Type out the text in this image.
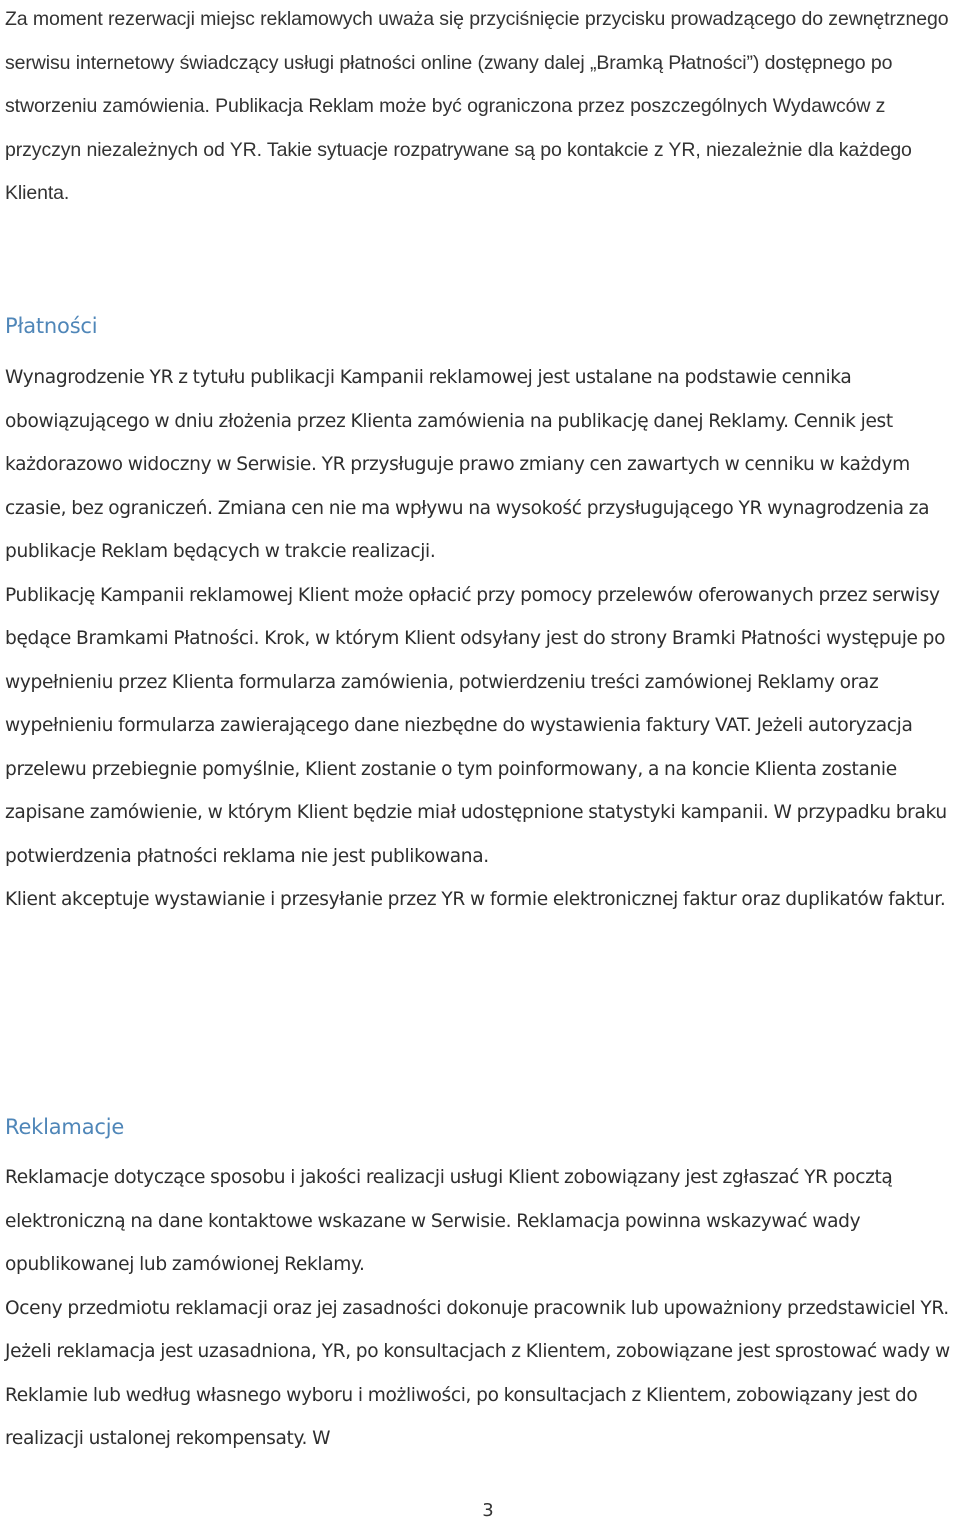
Za moment rezerwacji miejsc reklamowych uważa się przyciśnięcie przycisku prowadzącego do zewnętrznego serwisu internetowy świadczący usługi płatności online (zwany dalej „Bramką Płatności”) dostępnego po stworzeniu zamówienia. Publikacja Reklam może być ograniczona przez poszczególnych Wydawców z przyczyn niezależnych od YR. Takie sytuacje rozpatrywane są po kontakcie z YR, niezależnie dla każdego Klienta.

Płatności

Wynagrodzenie YR z tytułu publikacji Kampanii reklamowej jest ustalane na podstawie cennika obowiązującego w dniu złożenia przez Klienta zamówienia na publikację danej Reklamy. Cennik jest każdorazowo widoczny w Serwisie. YR przysługuje prawo zmiany cen zawartych w cenniku w każdym czasie, bez ograniczeń. Zmiana cen nie ma wpływu na wysokość przysługującego YR wynagrodzenia za publikacje Reklam będących w trakcie realizacji.

Publikację Kampanii reklamowej Klient może opłacić przy pomocy przelewów oferowanych przez serwisy będące Bramkami Płatności. Krok, w którym Klient odsyłany jest do strony Bramki Płatności występuje po wypełnieniu przez Klienta formularza zamówienia, potwierdzeniu treści zamówionej Reklamy oraz wypełnieniu formularza zawierającego dane niezbędne do wystawienia faktury VAT. Jeżeli autoryzacja przelewu przebiegnie pomyślnie, Klient zostanie o tym poinformowany, a na koncie Klienta zostanie zapisane zamówienie, w którym Klient będzie miał udostępnione statystyki kampanii. W przypadku braku potwierdzenia płatności reklama nie jest publikowana.

Klient akceptuje wystawianie i przesyłanie przez YR w formie elektronicznej faktur oraz duplikatów faktur.

Reklamacje

Reklamacje dotyczące sposobu i jakości realizacji usługi Klient zobowiązany jest zgłaszać YR pocztą elektroniczną na dane kontaktowe wskazane w Serwisie. Reklamacja powinna wskazywać wady opublikowanej lub zamówionej Reklamy.

Oceny przedmiotu reklamacji oraz jej zasadności dokonuje pracownik lub upoważniony przedstawiciel YR. Jeżeli reklamacja jest uzasadniona, YR, po konsultacjach z Klientem, zobowiązane jest sprostować wady w Reklamie lub według własnego wyboru i możliwości, po konsultacjach z Klientem, zobowiązany jest do realizacji ustalonej rekompensaty. W

3
